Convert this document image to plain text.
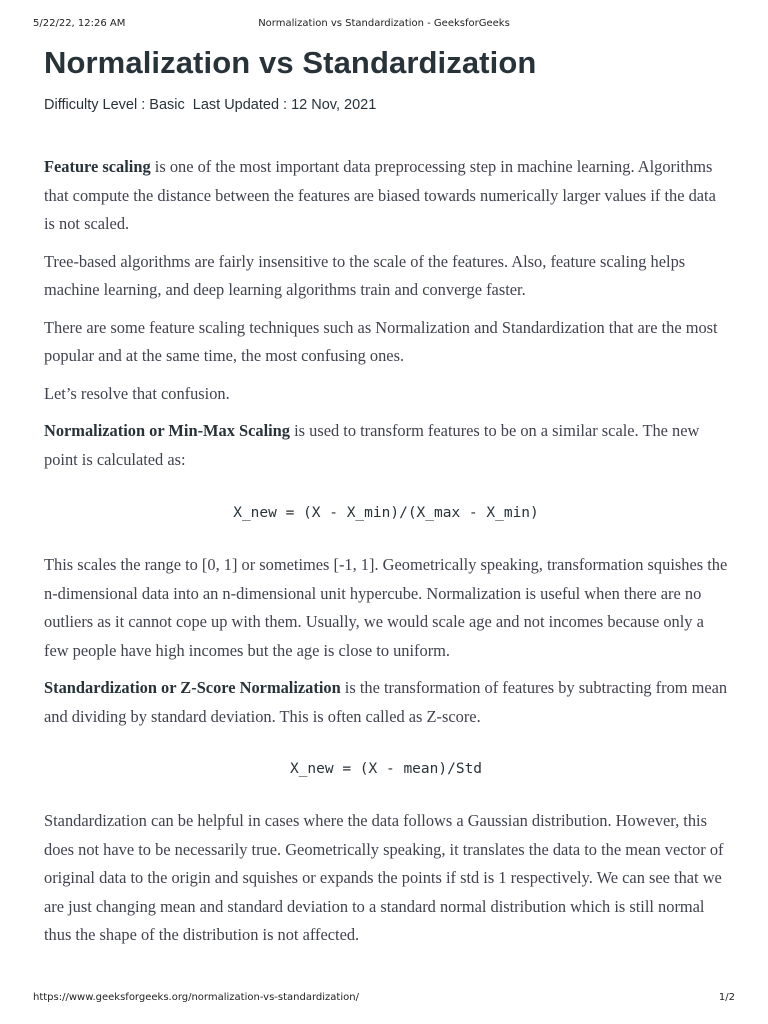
5/22/22, 12:26 AM	Normalization vs Standardization - GeeksforGeeks
Normalization vs Standardization
Difficulty Level : Basic Last Updated : 12 Nov, 2021

Feature scaling is one of the most important data preprocessing step in machine learning. Algorithms that compute the distance between the features are biased towards numerically larger values if the data is not scaled.

Tree-based algorithms are fairly insensitive to the scale of the features. Also, feature scaling helps machine learning, and deep learning algorithms train and converge faster.

There are some feature scaling techniques such as Normalization and Standardization that are the most popular and at the same time, the most confusing ones.

Let’s resolve that confusion.

Normalization or Min-Max Scaling is used to transform features to be on a similar scale. The new point is calculated as:

X_new = (X - X_min)/(X_max - X_min)

This scales the range to [0, 1] or sometimes [-1, 1]. Geometrically speaking, transformation squishes the n-dimensional data into an n-dimensional unit hypercube. Normalization is useful when there are no outliers as it cannot cope up with them. Usually, we would scale age and not incomes because only a few people have high incomes but the age is close to uniform.

Standardization or Z-Score Normalization is the transformation of features by subtracting from mean and dividing by standard deviation. This is often called as Z-score.

X_new = (X - mean)/Std

Standardization can be helpful in cases where the data follows a Gaussian distribution. However, this does not have to be necessarily true. Geometrically speaking, it translates the data to the mean vector of original data to the origin and squishes or expands the points if std is 1 respectively. We can see that we are just changing mean and standard deviation to a standard normal distribution which is still normal thus the shape of the distribution is not affected.

https://www.geeksforgeeks.org/normalization-vs-standardization/	1/2
